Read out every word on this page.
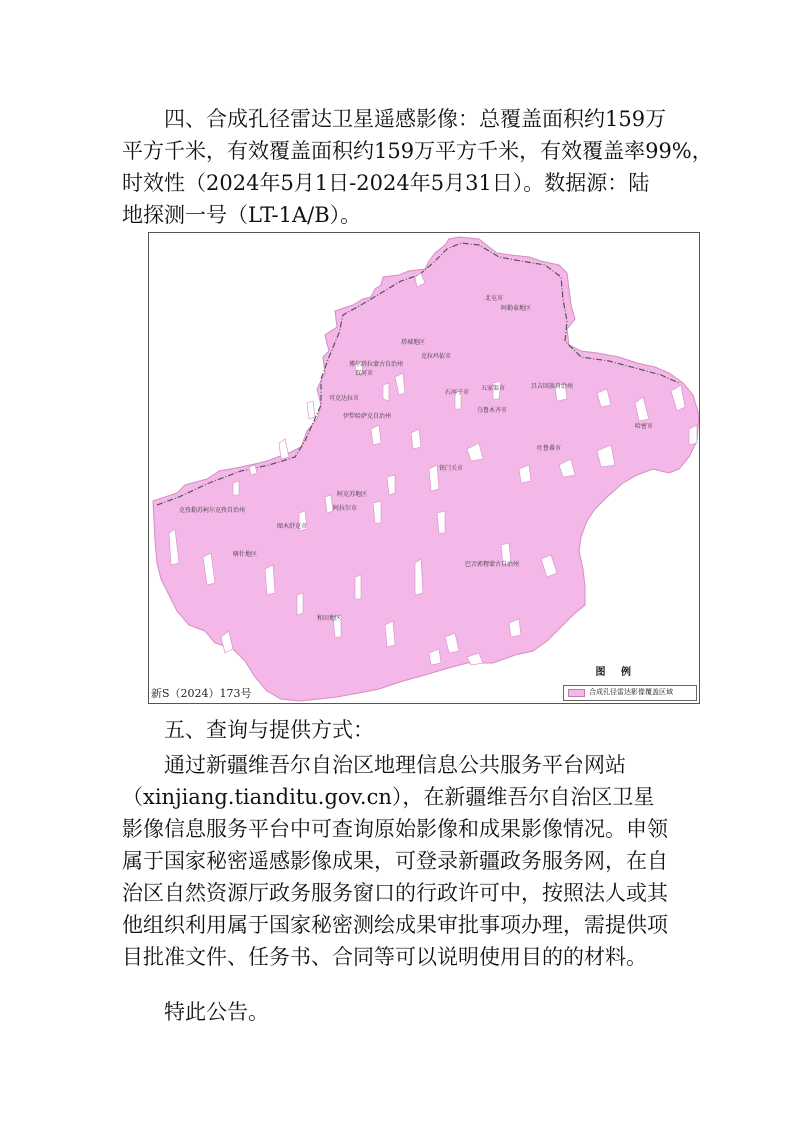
四、合成孔径雷达卫星遥感影像：总覆盖面积约159万
平方千米，有效覆盖面积约159万平方千米，有效覆盖率99%，
时效性（2024年5月1日-2024年5月31日）。数据源：陆
地探测一号（LT-1A/B）。
北屯市
阿勒泰地区
塔城地区
克拉玛依市
博尔塔拉蒙古自治州
双河市
石河子市
五家渠市	昌吉回族自治州
可克达拉市
伊犁哈萨克自治州
乌鲁木齐市
哈密市
吐鲁番市
铁门关市
阿克苏地区
阿拉尔市
克孜勒苏柯尔克孜自治州
图木舒克市
喀什地区
巴音郭楞蒙古自治州
和田地区
新S（2024）173号
图 例
合成孔径雷达影像覆盖区域
五、查询与提供方式：
通过新疆维吾尔自治区地理信息公共服务平台网站
（xinjiang.tianditu.gov.cn），在新疆维吾尔自治区卫星
影像信息服务平台中可查询原始影像和成果影像情况。申领
属于国家秘密遥感影像成果，可登录新疆政务服务网，在自
治区自然资源厅政务服务窗口的行政许可中，按照法人或其
他组织利用属于国家秘密测绘成果审批事项办理，需提供项
目批准文件、任务书、合同等可以说明使用目的的材料。
特此公告。
